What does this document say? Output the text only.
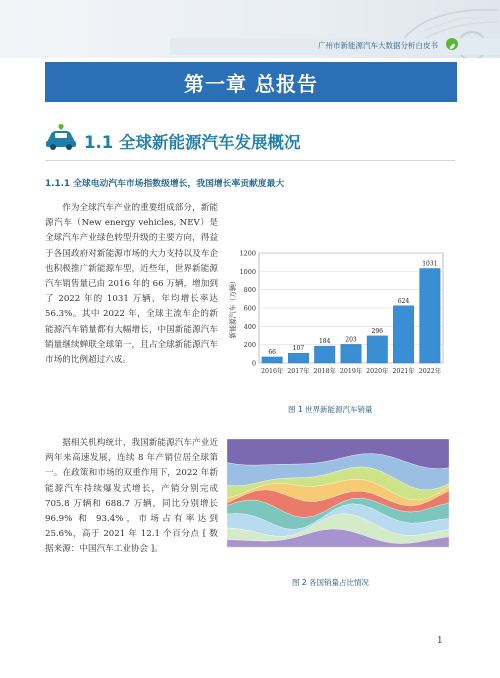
广州市新能源汽车大数据分析白皮书
第一章 总报告
1.1 全球新能源汽车发展概况
1.1.1 全球电动汽车市场指数级增长，我国增长率贡献度最大

作为全球汽车产业的重要组成部分，新能源汽车（New energy vehicles, NEV）是全球汽车产业绿色转型升级的主要方向，得益于各国政府对新能源市场的大力支持以及车企也积极推广新能源车型，近些年，世界新能源汽车销售量已由 2016 年的 66 万辆，增加到了 2022 年的 1031 万辆，年均增长率达 56.3%。其中 2022 年，全球主流车企的新能源汽车销量都有大幅增长，中国新能源汽车销量继续蝉联全球第一，且占全球新能源汽车市场的比例超过六成。	0
200
400
600
800
1000
1200
新能源汽车（万辆）
66
2016年
107
2017年
184
2018年
203
2019年
296
2020年
624
2021年
1031
2022年
图 1 世界新能源汽车销量

据相关机构统计，我国新能源汽车产业近两年来高速发展，连续 8 年产销位居全球第一。在政策和市场的双重作用下，2022 年新能源汽车持续爆发式增长，产销分别完成 705.8 万辆和 688.7 万辆，同比分别增长 96.9% 和 93.4%，市场占有率达到 25.6%，高于 2021 年 12.1 个百分点 [ 数据来源：中国汽车工业协会 ]。

图 2 各国销量占比情况
1
